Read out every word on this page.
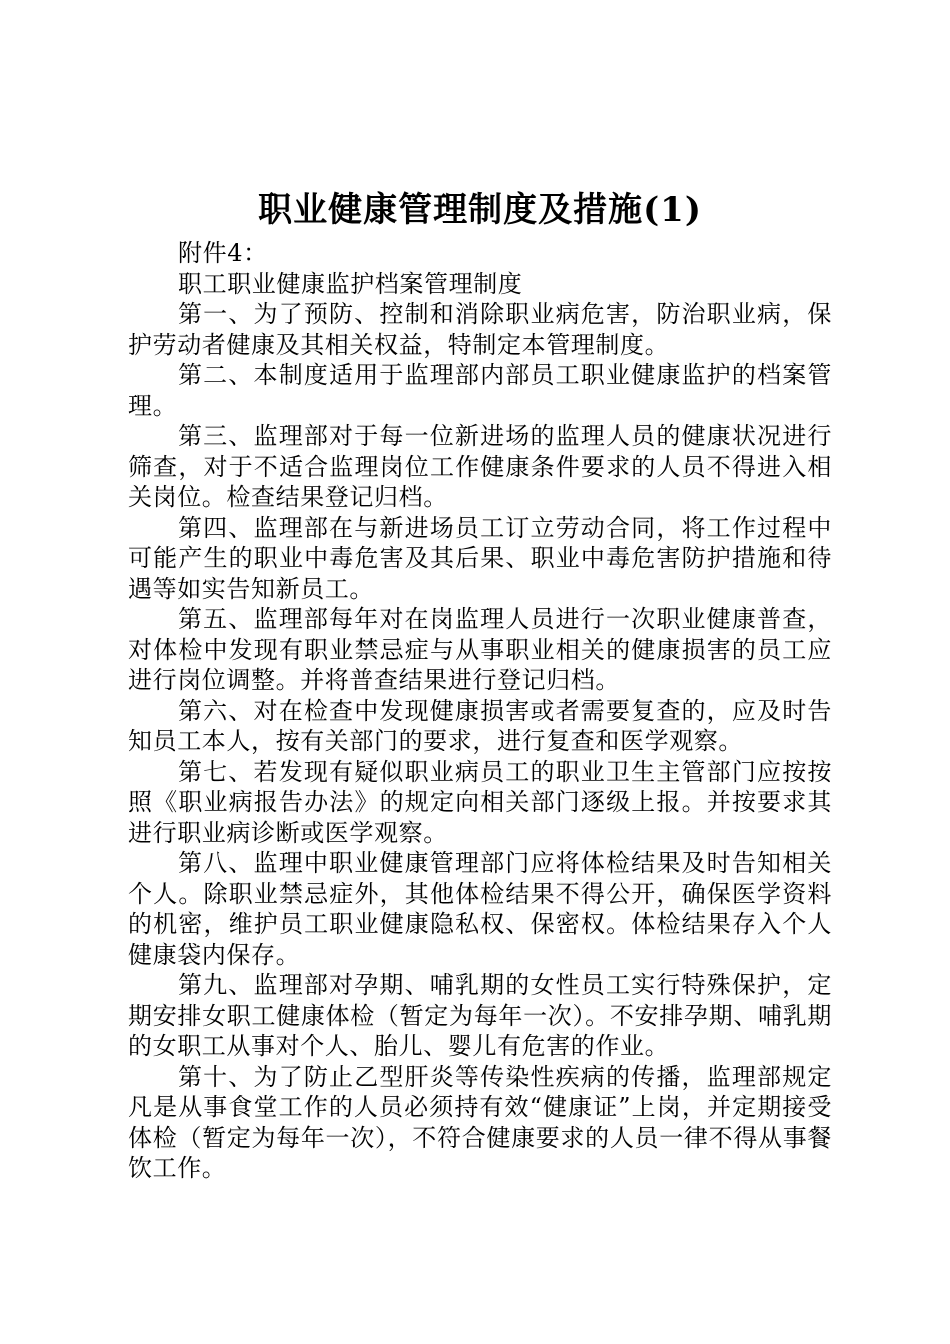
职业健康管理制度及措施(1)

附件4：

职工职业健康监护档案管理制度

第一、为了预防、控制和消除职业病危害，防治职业病，保护劳动者健康及其相关权益，特制定本管理制度。

第二、本制度适用于监理部内部员工职业健康监护的档案管理。

第三、监理部对于每一位新进场的监理人员的健康状况进行筛查，对于不适合监理岗位工作健康条件要求的人员不得进入相关岗位。检查结果登记归档。

第四、监理部在与新进场员工订立劳动合同，将工作过程中可能产生的职业中毒危害及其后果、职业中毒危害防护措施和待遇等如实告知新员工。

第五、监理部每年对在岗监理人员进行一次职业健康普查，对体检中发现有职业禁忌症与从事职业相关的健康损害的员工应进行岗位调整。并将普查结果进行登记归档。

第六、对在检查中发现健康损害或者需要复查的，应及时告知员工本人，按有关部门的要求，进行复查和医学观察。

第七、若发现有疑似职业病员工的职业卫生主管部门应按按照《职业病报告办法》的规定向相关部门逐级上报。并按要求其进行职业病诊断或医学观察。

第八、监理中职业健康管理部门应将体检结果及时告知相关个人。除职业禁忌症外，其他体检结果不得公开，确保医学资料的机密，维护员工职业健康隐私权、保密权。体检结果存入个人健康袋内保存。

第九、监理部对孕期、哺乳期的女性员工实行特殊保护，定期安排女职工健康体检（暂定为每年一次）。不安排孕期、哺乳期的女职工从事对个人、胎儿、婴儿有危害的作业。

第十、为了防止乙型肝炎等传染性疾病的传播，监理部规定凡是从事食堂工作的人员必须持有效“健康证”上岗，并定期接受体检（暂定为每年一次），不符合健康要求的人员一律不得从事餐饮工作。
